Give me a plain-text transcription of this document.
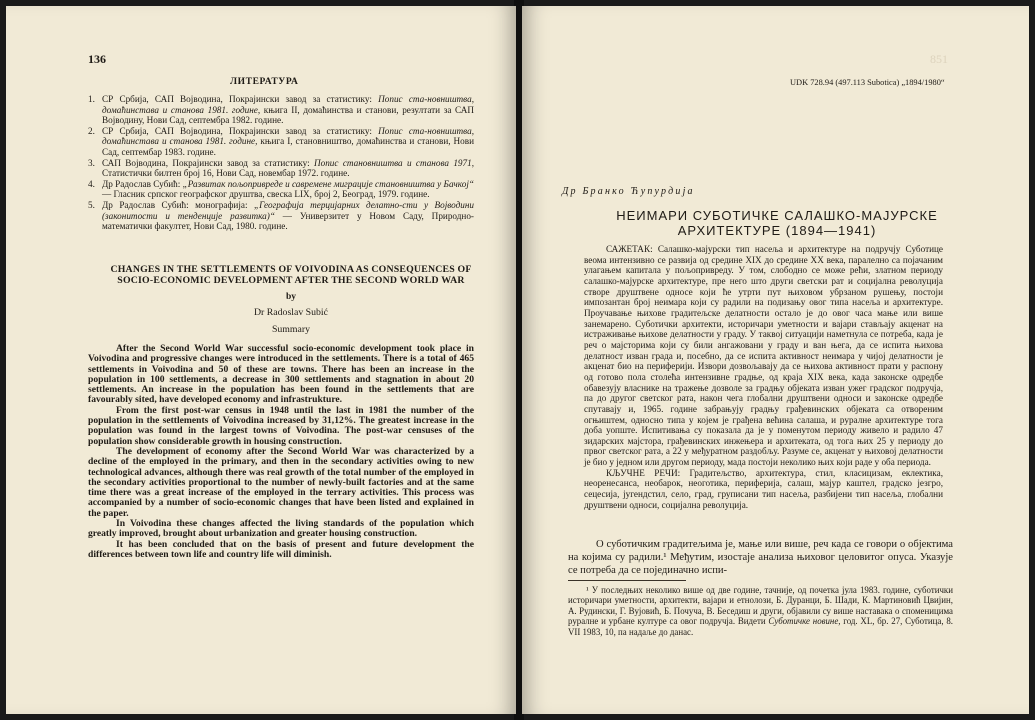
136
ЛИТЕРАТУРА
1. СР Србија, САП Војводина, Покрајински завод за статистику: Попис ста-новништва, домаћинстава и станова 1981. године, књига II, домаћинства и станови, резултати за САП Војводину, Нови Сад, септембра 1982. године.
2. СР Србија, САП Војводина, Покрајински завод за статистику: Попис ста-новништва, домаћинстава и станова 1981. године, књига I, становништво, домаћинства и станови, Нови Сад, септембар 1983. године.
3. САП Војводина, Покрајински завод за статистику: Попис становништва и станова 1971, Статистички билтен број 16, Нови Сад, новембар 1972. године.
4. Др Радослав Субић: „Развитак пољопривреде и савремене миграције становништва у Бачкој“ — Гласник српског географског друштва, свеска LIX, број 2, Београд, 1979. године.
5. Др Радослав Субић: монографија: „Географија терцијарних делатно-сти у Војводини (законитости и тенденције развитка)“ — Универзитет у Новом Саду, Природно-математички факултет, Нови Сад, 1980. године.
CHANGES IN THE SETTLEMENTS OF VOIVODINA AS CONSEQUENCES OF SOCIO-ECONOMIC DEVELOPMENT AFTER THE SECOND WORLD WAR
by
Dr Radoslav Subić
Summary

After the Second World War successful socio-economic development took place in Voivodina and progressive changes were introduced in the settlements. There is a total of 465 settlements in Voivodina and 50 of these are towns. There has been an increase in the population in 100 settlements, a decrease in 300 settlements and stagnation in about 20 settlements. An increase in the population has been found in the settlements that are favourably sited, have developed economy and infrastrukture.

From the first post-war census in 1948 until the last in 1981 the number of the population in the settlements of Voivodina increased by 31,12%. The greatest increase in the population was found in the largest towns of Voivodina. The post-war censuses of the population show considerable growth in housing construction.

The development of economy after the Second World War was characterized by a decline of the employed in the primary, and then in the secondary activities owing to new technological advances, although there was real growth of the total number of the employed in the secondary activities proportional to the number of newly-built factories and at the same time there was a great increase of the employed in the terrary activities. This process was accompanied by a number of socio-economic changes that have been listed and explained in the paper.

In Voivodina these changes affected the living standards of the population which greatly improved, brought about urbanization and greater housing construction.

It has been concluded that on the basis of present and future development the differences between town life and country life will diminish.

851
UDK 728.94 (497.113 Subotica) „1894/1980“
Др Бранко Ћупурдија
НЕИМАРИ СУБОТИЧКЕ САЛАШКО-МАЈУРСКЕ
АРХИТЕКТУРЕ (1894—1941)

САЖЕТАК: Салашко-мајурски тип насеља и архитектуре на подручју Суботице веома интензивно се развија од средине XIX до средине XX века, паралелно са појачаним улагањем капитала у пољопривреду. У том, слободно се може рећи, златном периоду салашко-мајурске архитектуре, пре него што други светски рат и социјална револуција створе друштвене односе који ће утрти пут њиховом убрзаном рушењу, постоји импозантан број неимара који су радили на подизању овог типа насеља и архитектуре. Проучавање њихове градитељске делатности остало је до овог часа мање или више занемарено. Суботички архитекти, историчари уметности и вајари стављају акценат на истраживање њихове делатности у граду. У таквој ситуацији наметнула се потреба, када је реч о мајсторима који су били ангажовани у граду и ван њега, да се испита њихова делатност изван града и, посебно, да се испита активност неимара у чијој делатности је акценат био на периферији. Извори дозвољавају да се њихова активност прати у распону од готово пола столећа интензивне градње, од краја XIX века, када законске одредбе обавезују власнике на тражење дозволе за градњу објеката изван ужег градског подручја, па до другог светског рата, након чега глобални друштвени односи и законске одредбе спутавају и, 1965. године забрањују градњу грађевинских објеката са отвореним огњиштем, односно типа у којем је грађена већина салаша, и руралне архитектуре тога доба уопште. Испитивања су показала да је у поменутом периоду живело и радило 47 зидарских мајстора, грађевинских инжењера и архитеката, од тога њих 25 у периоду до првог светског рата, а 22 у међуратном раздобљу. Разуме се, акценат у њиховој делатности је био у једном или другом периоду, мада постоји неколико њих који раде у оба периода.

КЉУЧНЕ РЕЧИ: Градитељство, архитектура, стил, класицизам, еклектика, неоренесанса, необарок, неоготика, периферија, салаш, мајур каштел, градско језгро, сецесија, југендстил, село, град, груписани тип насеља, разбијени тип насеља, глобални друштвени односи, социјална револуција.

О суботичким градитељима је, мање или више, реч када се говори о објектима на којима су радили.¹ Међутим, изостаје анализа њиховог целовитог опуса. Указује се потреба да се појединачно испи-

¹ У последњих неколико више од две године, тачније, од почетка јула 1983. године, суботички историчари уметности, архитекти, вајари и етнолози, Б. Дуранци, Б. Шади, К. Мартиновић Цвијин, А. Рудински, Г. Вујовић, Б. Почуча, В. Беседиш и други, објавили су више наставака о споменицима руралне и урбане културе са овог подручја. Видети Суботичке новине, год. XL, бр. 27, Суботица, 8. VII 1983, 10, па надаље до данас.
